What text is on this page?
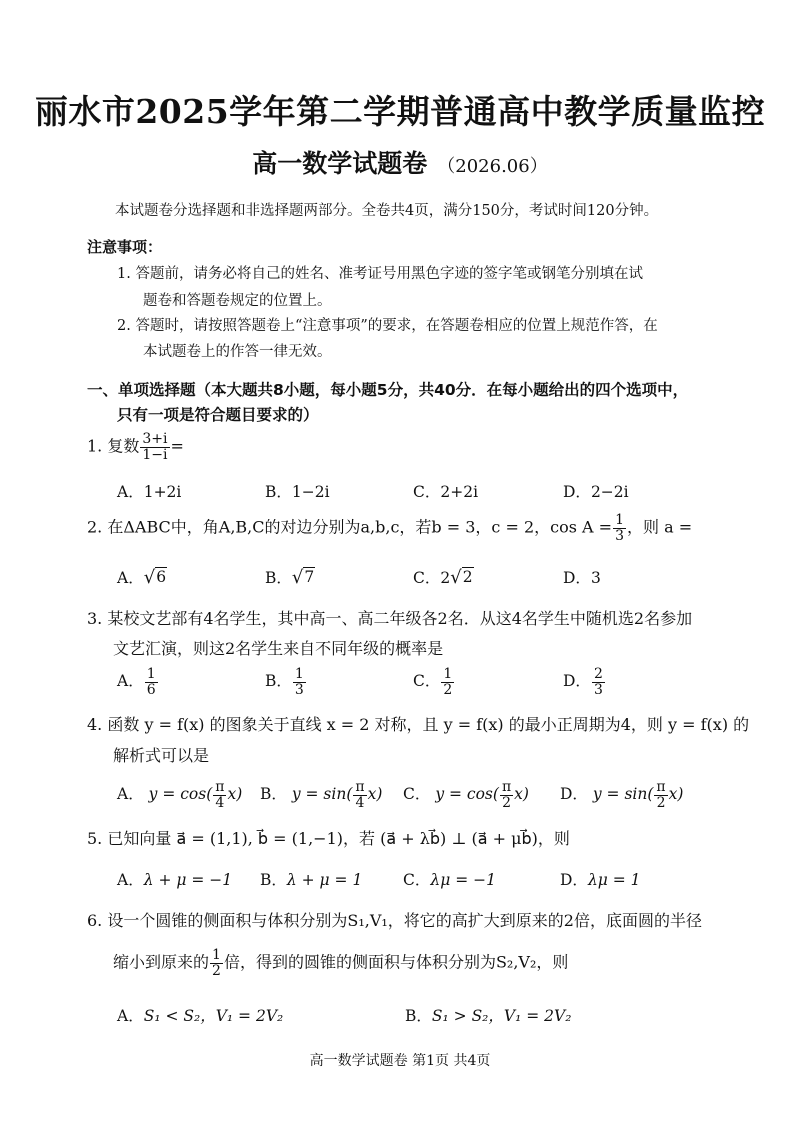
丽水市2025学年第二学期普通高中教学质量监控
高一数学试题卷 （2026.06）
本试题卷分选择题和非选择题两部分。全卷共4页，满分150分，考试时间120分钟。
注意事项：
1. 答题前，请务必将自己的姓名、准考证号用黑色字迹的签字笔或钢笔分别填在试
题卷和答题卷规定的位置上。
2. 答题时，请按照答题卷上“注意事项”的要求，在答题卷相应的位置上规范作答，在
本试题卷上的作答一律无效。
一、单项选择题（本大题共8小题，每小题5分，共40分．在每小题给出的四个选项中，
只有一项是符合题目要求的）
1. 复数 $\frac{3+i}{1-i}$ =
A．1+2i	B．1−2i	C．2+2i	D．2−2i
2. 在ΔABC中，角A,B,C的对边分别为a,b,c，若b = 3，c = 2，$\cos A = \frac{1}{3}$ ，则 a =
A． √ 6	B． √ 7	C．2 √ 2	D．3
3. 某校文艺部有4名学生，其中高一、高二年级各2名．从这4名学生中随机选2名参加
文艺汇演，则这2名学生来自不同年级的概率是
A． $\frac{1}{6}$	B． $\frac{1}{3}$	C． $\frac{1}{2}$	D． $\frac{2}{3}$
4. 函数 y = f(x) 的图象关于直线 x = 2 对称，且 y = f(x) 的最小正周期为4，则 y = f(x) 的
解析式可以是
A． $y = \cos( \frac{\pi}{4} x)$ B． $y = \sin( \frac{\pi}{4} x)$ C． $y = \cos( \frac{\pi}{2} x)$ D． $y = \sin( \frac{\pi}{2} x)$
5. 已知向量 a⃗ = (1,1), b⃗ = (1,−1)，若 (a⃗ + λb⃗) ⊥ (a⃗ + μb⃗)，则
A．λ + μ = −1 B．λ + μ = 1	C．λμ = −1	D．λμ = 1
6. 设一个圆锥的侧面积与体积分别为S₁,V₁，将它的高扩大到原来的2倍，底面圆的半径
缩小到原来的 $\frac{1}{2}$ 倍，得到的圆锥的侧面积与体积分别为S₂,V₂，则
A．S₁ < S₂，V₁ = 2V₂	B．S₁ > S₂，V₁ = 2V₂
高一数学试题卷 第1页 共4页
